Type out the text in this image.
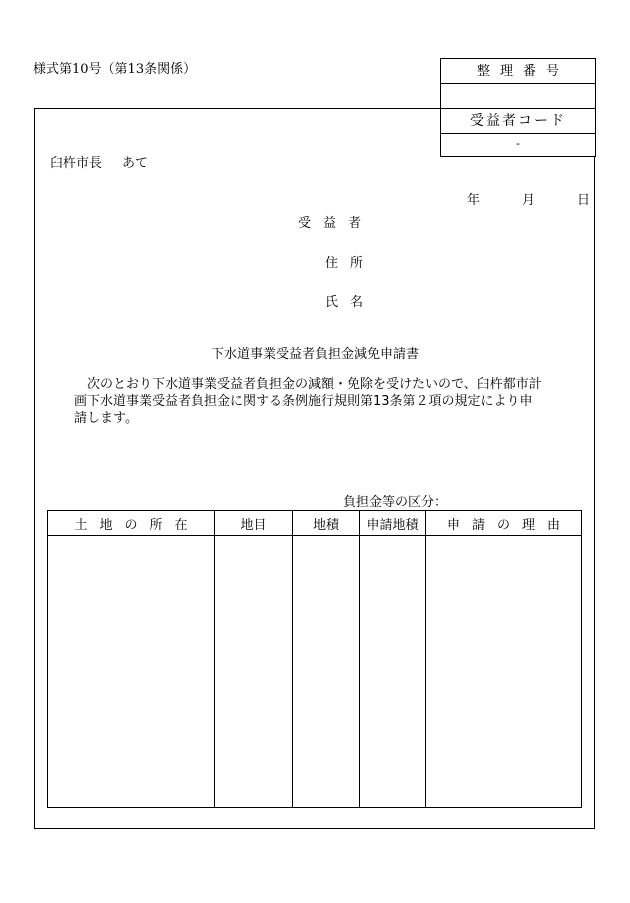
様式第10号（第13条関係）	整理番号
受益者コード
-
臼杵市長 あて
年	月	日
受益者
住所
氏名
下水道事業受益者負担金減免申請書
次のとおり下水道事業受益者負担金の減額・免除を受けたいので、臼杵都市計画下水道事業受益者負担金に関する条例施行規則第13条第２項の規定により申請します。
負担金等の区分：
土地の所在	地目	地積	申請地積	申請の理由
